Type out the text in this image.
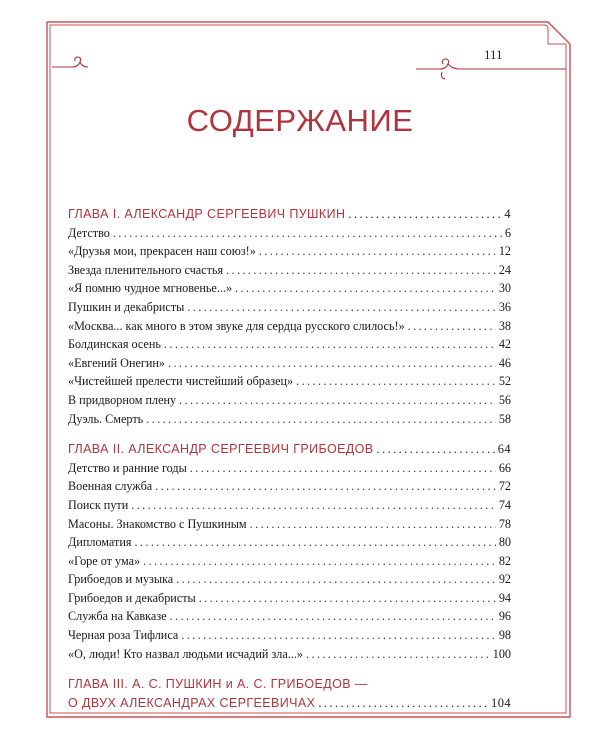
111
СОДЕРЖАНИЕ
ГЛАВА I. АЛЕКСАНДР СЕРГЕЕВИЧ ПУШКИН .....	4
Детство .....	6
«Друзья мои, прекрасен наш союз!» .....	12
Звезда пленительного счастья .....	24
«Я помню чудное мгновенье...» .....	30
Пушкин и декабристы .....	36
«Москва... как много в этом звуке для сердца русского слилось!» .....	38
Болдинская осень .....	42
«Евгений Онегин» .....	46
«Чистейшей прелести чистейший образец» .....	52
В придворном плену .....	56
Дуэль. Смерть .....	58
ГЛАВА II. АЛЕКСАНДР СЕРГЕЕВИЧ ГРИБОЕДОВ .....	64
Детство и ранние годы .....	66
Военная служба .....	72
Поиск пути .....	74
Масоны. Знакомство с Пушкиным .....	78
Дипломатия .....	80
«Горе от ума» .....	82
Грибоедов и музыка .....	92
Грибоедов и декабристы .....	94
Служба на Кавказе .....	96
Черная роза Тифлиса .....	98
«О, люди! Кто назвал людьми исчадий зла...» .....	100
ГЛАВА III. А. С. ПУШКИН и А. С. ГРИБОЕДОВ —
О ДВУХ АЛЕКСАНДРАХ СЕРГЕЕВИЧАХ .....	104
